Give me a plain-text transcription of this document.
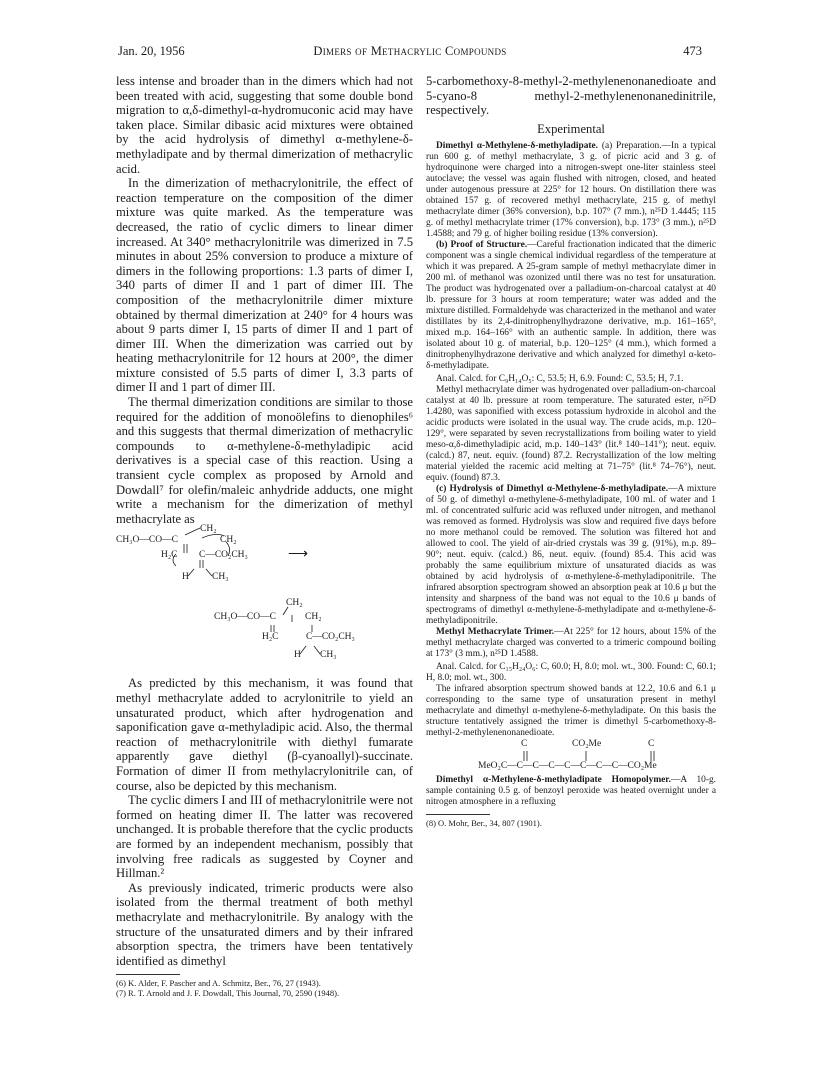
Jan. 20, 1956	Dimers of Methacrylic Compounds	473

less intense and broader than in the dimers which had not been treated with acid, suggesting that some double bond migration to α,δ-dimethyl-α-hydromuconic acid may have taken place. Similar dibasic acid mixtures were obtained by the acid hydrolysis of dimethyl α-methylene-δ-methyladipate and by thermal dimerization of methacrylic acid.

In the dimerization of methacrylonitrile, the effect of reaction temperature on the composition of the dimer mixture was quite marked. As the temperature was decreased, the ratio of cyclic dimers to linear dimer increased. At 340° methacrylonitrile was dimerized in 7.5 minutes in about 25% conversion to produce a mixture of dimers in the following proportions: 1.3 parts of dimer I, 340 parts of dimer II and 1 part of dimer III. The composition of the methacrylonitrile dimer mixture obtained by thermal dimerization at 240° for 4 hours was about 9 parts dimer I, 15 parts of dimer II and 1 part of dimer III. When the dimerization was carried out by heating methacrylonitrile for 12 hours at 200°, the dimer mixture consisted of 5.5 parts of dimer I, 3.3 parts of dimer II and 1 part of dimer III.

The thermal dimerization conditions are similar to those required for the addition of monoölefins to dienophiles⁶ and this suggests that thermal dimerization of methacrylic compounds to α-methylene-δ-methyladipic acid derivatives is a special case of this reaction. Using a transient cycle complex as proposed by Arnold and Dowdall⁷ for olefin/maleic anhydride adducts, one might write a mechanism for the dimerization of methyl methacrylate as

CH₂
CH₃O—CO—C	CH₂
H₂C C—CO₂CH₃	⟶
H CH₃
CH₂
CH₃O—CO—C	CH₂
H₂C	C—CO₂CH₃
H CH₃

As predicted by this mechanism, it was found that methyl methacrylate added to acrylonitrile to yield an unsaturated product, which after hydrogenation and saponification gave α-methyladipic acid. Also, the thermal reaction of methacrylonitrile with diethyl fumarate apparently gave diethyl (β-cyanoallyl)-succinate. Formation of dimer II from methylacrylonitrile can, of course, also be depicted by this mechanism.

The cyclic dimers I and III of methacrylonitrile were not formed on heating dimer II. The latter was recovered unchanged. It is probable therefore that the cyclic products are formed by an independent mechanism, possibly that involving free radicals as suggested by Coyner and Hillman.²

As previously indicated, trimeric products were also isolated from the thermal treatment of both methyl methacrylate and methacrylonitrile. By analogy with the structure of the unsaturated dimers and by their infrared absorption spectra, the trimers have been tentatively identified as dimethyl

(6) K. Alder, F. Pascher and A. Schmitz, Ber., 76, 27 (1943).

(7) R. T. Arnold and J. F. Dowdall, This Journal, 70, 2590 (1948).

5-carbomethoxy-8-methyl-2-methylenenonanedioate and 5-cyano-8 methyl-2-methylenenonanedinitrile, respectively.

Experimental

Dimethyl α-Methylene-δ-methyladipate. (a) Preparation.—In a typical run 600 g. of methyl methacrylate, 3 g. of picric acid and 3 g. of hydroquinone were charged into a nitrogen-swept one-liter stainless steel autoclave; the vessel was again flushed with nitrogen, closed, and heated under autogenous pressure at 225° for 12 hours. On distillation there was obtained 157 g. of recovered methyl methacrylate, 215 g. of methyl methacrylate dimer (36% conversion), b.p. 107° (7 mm.), n²⁵D 1.4445; 115 g. of methyl methacrylate trimer (17% conversion), b.p. 173° (3 mm.), n²⁵D 1.4588; and 79 g. of higher boiling residue (13% conversion).

(b) Proof of Structure.—Careful fractionation indicated that the dimeric component was a single chemical individual regardless of the temperature at which it was prepared. A 25-gram sample of methyl methacrylate dimer in 200 ml. of methanol was ozonized until there was no test for unsaturation. The product was hydrogenated over a palladium-on-charcoal catalyst at 40 lb. pressure for 3 hours at room temperature; water was added and the mixture distilled. Formaldehyde was characterized in the methanol and water distillates by its 2,4-dinitrophenylhydrazone derivative, m.p. 161–165°, mixed m.p. 164–166° with an authentic sample. In addition, there was isolated about 10 g. of material, b.p. 120–125° (4 mm.), which formed a dinitrophenylhydrazone derivative and which analyzed for dimethyl α-keto-δ-methyladipate.

Anal. Calcd. for C₉H₁₄O₅: C, 53.5; H, 6.9. Found: C, 53.5; H, 7.1.

Methyl methacrylate dimer was hydrogenated over palladium-on-charcoal catalyst at 40 lb. pressure at room temperature. The saturated ester, n²⁵D 1.4280, was saponified with excess potassium hydroxide in alcohol and the acidic products were isolated in the usual way. The crude acids, m.p. 120–129°, were separated by seven recrystallizations from boiling water to yield meso-α,δ-dimethyladipic acid, m.p. 140–143° (lit.⁸ 140–141°); neut. equiv. (calcd.) 87, neut. equiv. (found) 87.2. Recrystallization of the low melting material yielded the racemic acid melting at 71–75° (lit.⁸ 74–76°), neut. equiv. (found) 87.3.

(c) Hydrolysis of Dimethyl α-Methylene-δ-methyladipate.—A mixture of 50 g. of dimethyl α-methylene-δ-methyladipate, 100 ml. of water and 1 ml. of concentrated sulfuric acid was refluxed under nitrogen, and methanol was removed as formed. Hydrolysis was slow and required five days before no more methanol could be removed. The solution was filtered hot and allowed to cool. The yield of air-dried crystals was 39 g. (91%), m.p. 89–90°; neut. equiv. (calcd.) 86, neut. equiv. (found) 85.4. This acid was probably the same equilibrium mixture of unsaturated diacids as was obtained by acid hydrolysis of α-methylene-δ-methyladiponitrile. The infrared absorption spectrogram showed an absorption peak at 10.6 μ but the intensity and sharpness of the band was not equal to the 10.6 μ bands of spectrograms of dimethyl α-methylene-δ-methyladipate and α-methylene-δ-methyladiponitrile.

Methyl Methacrylate Trimer.—At 225° for 12 hours, about 15% of the methyl methacrylate charged was converted to a trimeric compound boiling at 173° (3 mm.), n²⁵D 1.4588.

Anal. Calcd. for C₁₅H₂₄O₆: C, 60.0; H, 8.0; mol. wt., 300. Found: C, 60.1; H, 8.0; mol. wt., 300.

The infrared absorption spectrum showed bands at 12.2, 10.6 and 6.1 μ corresponding to the same type of unsaturation present in methyl methacrylate and dimethyl α-methylene-δ-methyladipate. On this basis the structure tentatively assigned the trimer is dimethyl 5-carbomethoxy-8-methyl-2-methylenenonanedioate.

C	CO₂Me	C
MeO₂C—C—C—C—C—C—C—C—CO₂Me

Dimethyl α-Methylene-δ-methyladipate Homopolymer.—A 10-g. sample containing 0.5 g. of benzoyl peroxide was heated overnight under a nitrogen atmosphere in a refluxing

(8) O. Mohr, Ber., 34, 807 (1901).
